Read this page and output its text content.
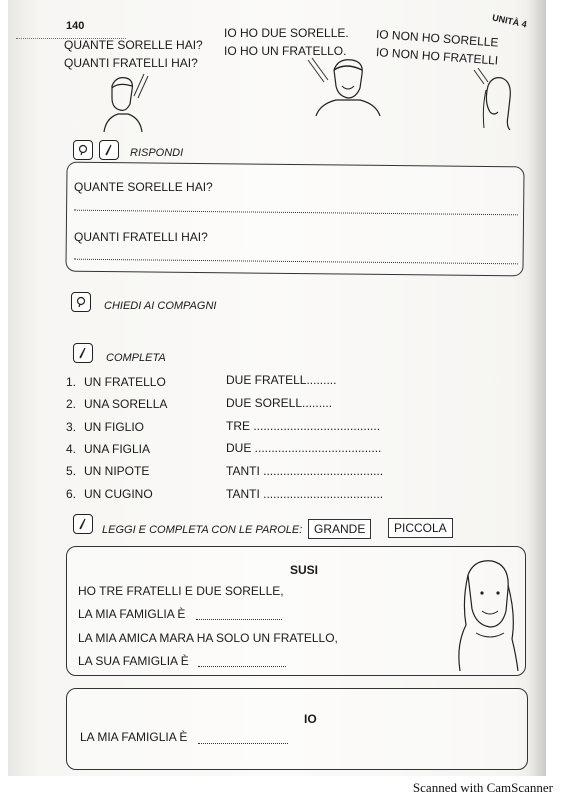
140	UNITÀ 4
QUANTE SORELLE HAI?
QUANTI FRATELLI HAI?
IO HO DUE SORELLE.
IO HO UN FRATELLO.
IO NON HO SORELLE
IO NON HO FRATELLI
RISPONDI
QUANTE SORELLE HAI?
QUANTI FRATELLI HAI?
CHIEDI AI COMPAGNI
COMPLETA
1. UN FRATELLO	DUE FRATELL.........
2. UNA SORELLA	DUE SORELL.........
3. UN FIGLIO	TRE ......................................
4. UNA FIGLIA	DUE ......................................
5. UN NIPOTE	TANTI ....................................
6. UN CUGINO	TANTI ....................................
LEGGI E COMPLETA CON LE PAROLE: GRANDE	PICCOLA
SUSI
HO TRE FRATELLI E DUE SORELLE,
LA MIA FAMIGLIA È
LA MIA AMICA MARA HA SOLO UN FRATELLO,
LA SUA FAMIGLIA È
IO
LA MIA FAMIGLIA È
Scanned with CamScanner
